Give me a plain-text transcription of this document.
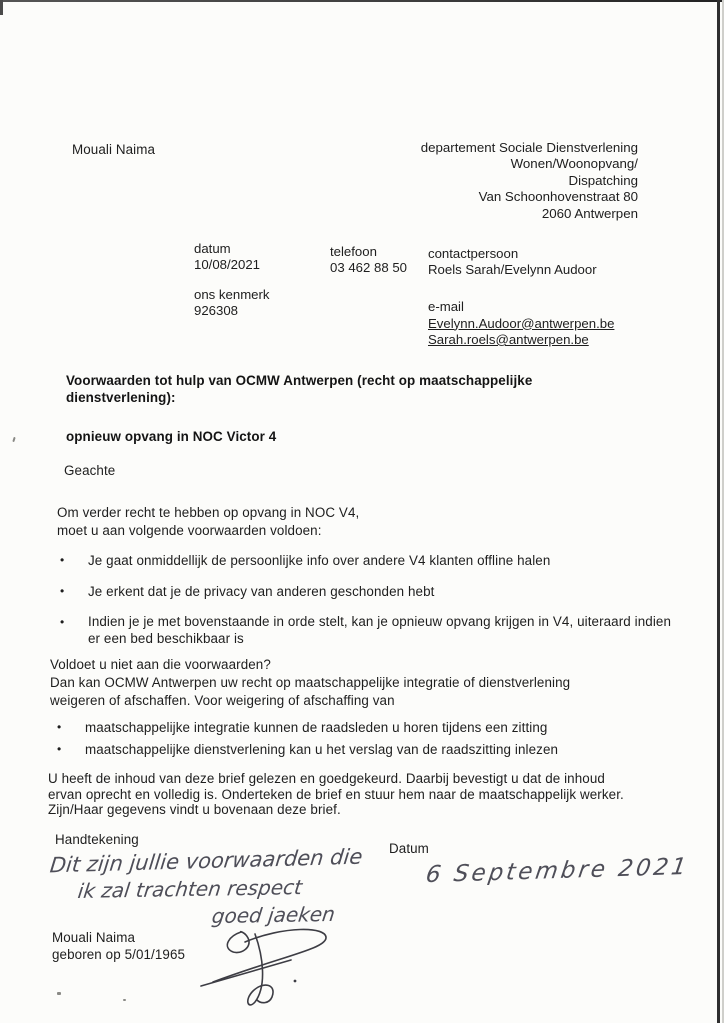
Mouali Naima	departement Sociale Dienstverlening
Wonen/Woonopvang/
Dispatching
Van Schoonhovenstraat 80
2060 Antwerpen
datum
10/08/2021
telefoon
03 462 88 50
contactpersoon
Roels Sarah/Evelynn Audoor
ons kenmerk
926308	e-mail
Evelynn.Audoor@antwerpen.be
Sarah.roels@antwerpen.be
Voorwaarden tot hulp van OCMW Antwerpen (recht op maatschappelijke
dienstverlening):
opnieuw opvang in NOC Victor 4
Geachte
Om verder recht te hebben op opvang in NOC V4,
moet u aan volgende voorwaarden voldoen:
•
Je gaat onmiddellijk de persoonlijke info over andere V4 klanten offline halen
•
Je erkent dat je de privacy van anderen geschonden hebt
•
Indien je je met bovenstaande in orde stelt, kan je opnieuw opvang krijgen in V4, uiteraard indien er een bed beschikbaar is
Voldoet u niet aan die voorwaarden?
Dan kan OCMW Antwerpen uw recht op maatschappelijke integratie of dienstverlening
weigeren of afschaffen. Voor weigering of afschaffing van
•
maatschappelijke integratie kunnen de raadsleden u horen tijdens een zitting
•
maatschappelijke dienstverlening kan u het verslag van de raadszitting inlezen
U heeft de inhoud van deze brief gelezen en goedgekeurd. Daarbij bevestigt u dat de inhoud
ervan oprecht en volledig is. Onderteken de brief en stuur hem naar de maatschappelijk werker.
Zijn/Haar gegevens vindt u bovenaan deze brief.
Handtekening
Datum
Dit zijn jullie voorwaarden die
ik zal trachten respect
goed jaeken
6 Septembre 2021
Mouali Naima
geboren op 5/01/1965
